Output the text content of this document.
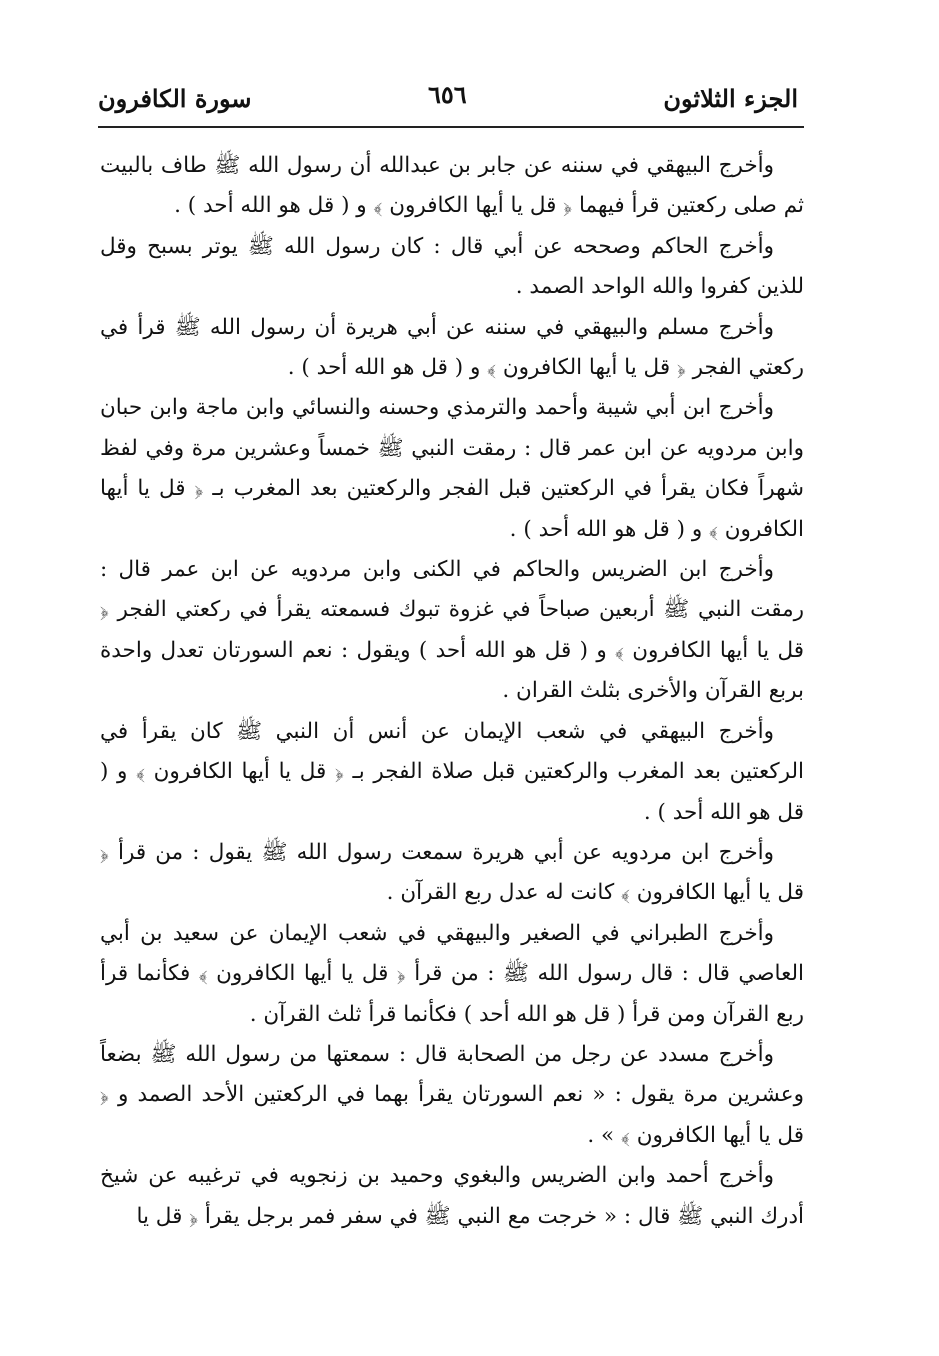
سورة الكافرون	٦٥٦	الجزء الثلاثون

وأخرج البيهقي في سننه عن جابر بن عبدالله أن رسول الله ﷺ طاف بالبيت ثم صلى ركعتين قرأ فيهما ﴿ قل يا أيها الكافرون ﴾ و ( قل هو الله أحد ) .

وأخرج الحاكم وصححه عن أبي قال : كان رسول الله ﷺ يوتر بسبح وقل للذين كفروا والله الواحد الصمد .

وأخرج مسلم والبيهقي في سننه عن أبي هريرة أن رسول الله ﷺ قرأ في ركعتي الفجر ﴿ قل يا أيها الكافرون ﴾ و ( قل هو الله أحد ) .

وأخرج ابن أبي شيبة وأحمد والترمذي وحسنه والنسائي وابن ماجة وابن حبان وابن مردويه عن ابن عمر قال : رمقت النبي ﷺ خمساً وعشرين مرة وفي لفظ شهراً فكان يقرأ في الركعتين قبل الفجر والركعتين بعد المغرب بـ ﴿ قل يا أيها الكافرون ﴾ و ( قل هو الله أحد ) .

وأخرج ابن الضريس والحاكم في الكنى وابن مردويه عن ابن عمر قال : رمقت النبي ﷺ أربعين صباحاً في غزوة تبوك فسمعته يقرأ في ركعتي الفجر ﴿ قل يا أيها الكافرون ﴾ و ( قل هو الله أحد ) ويقول : نعم السورتان تعدل واحدة بربع القرآن والأخرى بثلث القران .

وأخرج البيهقي في شعب الإيمان عن أنس أن النبي ﷺ كان يقرأ في الركعتين بعد المغرب والركعتين قبل صلاة الفجر بـ ﴿ قل يا أيها الكافرون ﴾ و ( قل هو الله أحد ) .

وأخرج ابن مردويه عن أبي هريرة سمعت رسول الله ﷺ يقول : من قرأ ﴿ قل يا أيها الكافرون ﴾ كانت له عدل ربع القرآن .

وأخرج الطبراني في الصغير والبيهقي في شعب الإيمان عن سعيد بن أبي العاصي قال : قال رسول الله ﷺ : من قرأ ﴿ قل يا أيها الكافرون ﴾ فكأنما قرأ ربع القرآن ومن قرأ ( قل هو الله أحد ) فكأنما قرأ ثلث القرآن .

وأخرج مسدد عن رجل من الصحابة قال : سمعتها من رسول الله ﷺ بضعاً وعشرين مرة يقول : « نعم السورتان يقرأ بهما في الركعتين الأحد الصمد و ﴿ قل يا أيها الكافرون ﴾ » .

وأخرج أحمد وابن الضريس والبغوي وحميد بن زنجويه في ترغيبه عن شيخ أدرك النبي ﷺ قال : « خرجت مع النبي ﷺ في سفر فمر برجل يقرأ ﴿ قل يا
